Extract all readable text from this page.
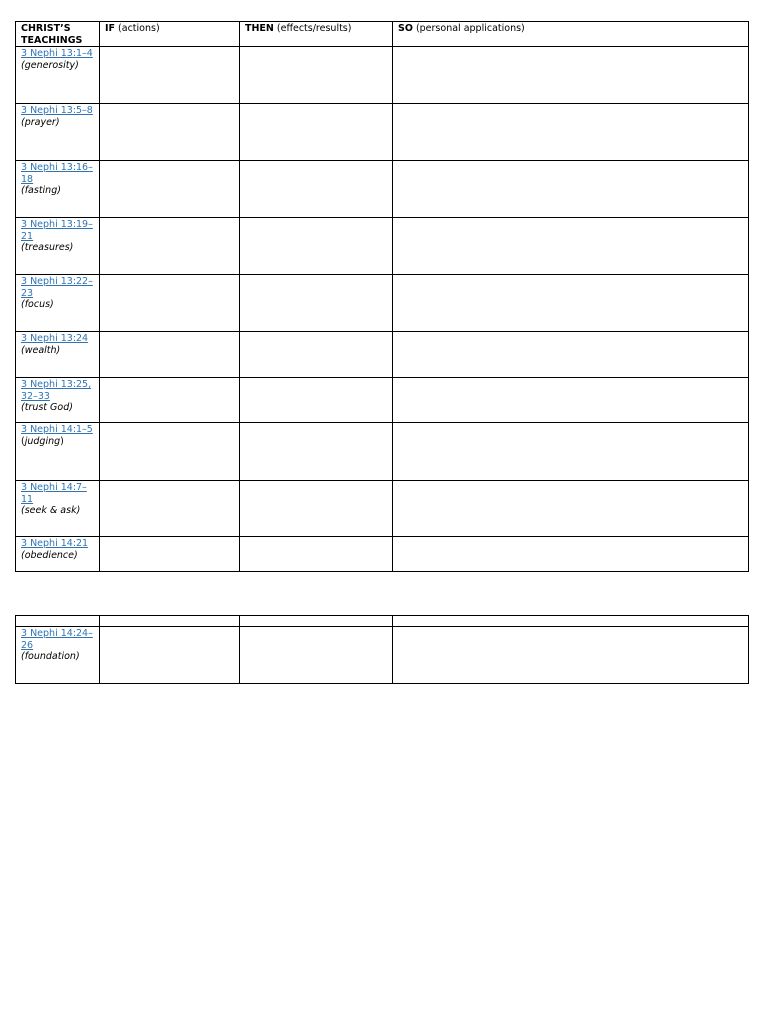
CHRIST’S TEACHINGS	IF (actions)	THEN (effects/results)	SO (personal applications)

3 Nephi 13:1–4
(generosity)			

3 Nephi 13:5–8
(prayer)			

3 Nephi 13:16–18
(fasting)			

3 Nephi 13:19–21
(treasures)			

3 Nephi 13:22–23
(focus)			

3 Nephi 13:24
(wealth)			

3 Nephi 13:25, 32–33
(trust God)			

3 Nephi 14:1–5
(judging)			

3 Nephi 14:7–11
(seek & ask)			

3 Nephi 14:21
(obedience)			

3 Nephi 14:24–26
(foundation)			
